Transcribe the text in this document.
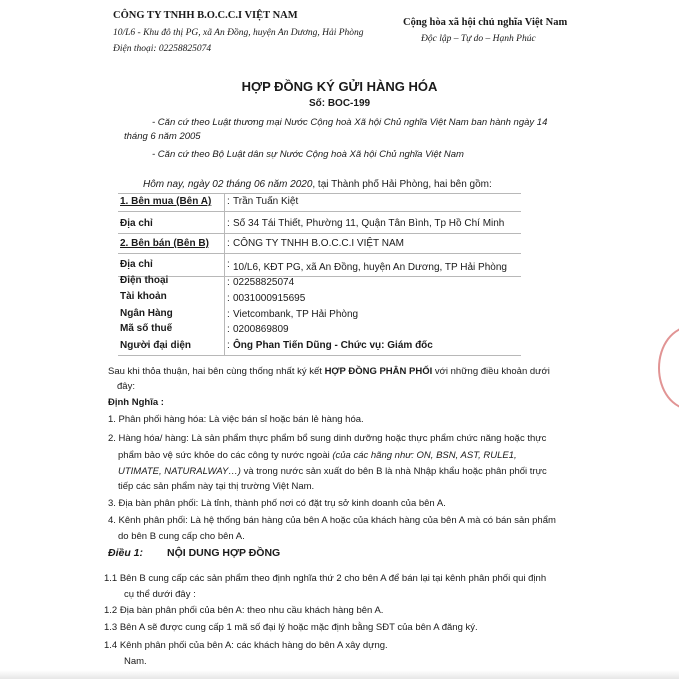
CÔNG TY TNHH B.O.C.C.I VIỆT NAM
10/L6 - Khu đô thị PG, xã An Đồng, huyện An Dương, Hải Phòng
Điện thoại: 02258825074
Cộng hòa xã hội chủ nghĩa Việt Nam
Độc lập – Tự do – Hạnh Phúc
HỢP ĐỒNG KÝ GỬI HÀNG HÓA
Số: BOC-199
- Căn cứ theo Luật thương mại Nước Cộng hoà Xã hội Chủ nghĩa Việt Nam ban hành ngày 14
tháng 6 năm 2005
- Căn cứ theo Bộ Luật dân sự Nước Cộng hoà Xã hội Chủ nghĩa Việt Nam
Hôm nay, ngày 02 tháng 06 năm 2020, tại Thành phố Hải Phòng, hai bên gồm:
1. Bên mua (Bên A) : Trần Tuấn Kiệt
Địa chỉ	: Số 34 Tái Thiết, Phường 11, Quận Tân Bình, Tp Hồ Chí Minh
2. Bên bán (Bên B) : CÔNG TY TNHH B.O.C.C.I VIỆT NAM
Địa chỉ	: 10/L6, KĐT PG, xã An Đồng, huyện An Dương, TP Hải Phòng
Điện thoại	: 02258825074
Tài khoản	: 0031000915695
Ngân Hàng	: Vietcombank, TP Hải Phòng
Mã số thuế	: 0200869809
Người đại diện	: Ông Phan Tiến Dũng - Chức vụ: Giám đốc
Sau khi thỏa thuận, hai bên cùng thống nhất ký kết HỢP ĐỒNG PHÂN PHỐI với những điều khoản dưới
đây:
Định Nghĩa :
1. Phân phối hàng hóa: Là việc bán sỉ hoặc bán lẻ hàng hóa.
2. Hàng hóa/ hàng: Là sản phẩm thực phẩm bổ sung dinh dưỡng hoặc thực phẩm chức năng hoặc thực
phẩm bảo vệ sức khỏe do các công ty nước ngoài (của các hãng như: ON, BSN, AST, RULE1,
UTIMATE, NATURALWAY…) và trong nước sản xuất do bên B là nhà Nhập khẩu hoặc phân phối trực
tiếp các sản phẩm này tại thị trường Việt Nam.
3. Địa bàn phân phối: Là tỉnh, thành phố nơi có đặt trụ sở kinh doanh của bên A.
4. Kênh phân phối: Là hệ thống bán hàng của bên A hoặc của khách hàng của bên A mà có bán sản phẩm
do bên B cung cấp cho bên A.
Điều 1: NỘI DUNG HỢP ĐỒNG
1.1 Bên B cung cấp các sản phẩm theo định nghĩa thứ 2 cho bên A để bán lại tại kênh phân phối qui định
cụ thể dưới đây :
1.2 Địa bàn phân phối của bên A: theo nhu cầu khách hàng bên A.
1.3 Bên A sẽ được cung cấp 1 mã số đại lý hoặc mặc định bằng SĐT của bên A đăng ký.
1.4 Kênh phân phối của bên A: các khách hàng do bên A xây dựng.
Nam.
